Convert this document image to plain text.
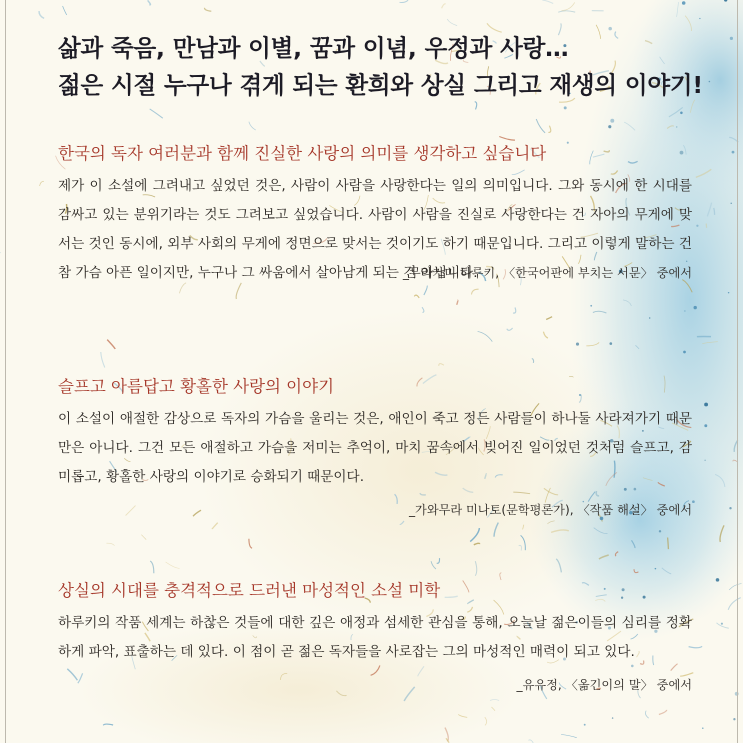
삶과 죽음, 만남과 이별, 꿈과 이념, 우정과 사랑…
젊은 시절 누구나 겪게 되는 환희와 상실 그리고 재생의 이야기!
한국의 독자 여러분과 함께 진실한 사랑의 의미를 생각하고 싶습니다

제가 이 소설에 그려내고 싶었던 것은, 사람이 사람을 사랑한다는 일의 의미입니다. 그와 동시에 한 시대를 감싸고 있는 분위기라는 것도 그려보고 싶었습니다. 사람이 사람을 진실로 사랑한다는 건 자아의 무게에 맞서는 것인 동시에, 외부 사회의 무게에 정면으로 맞서는 것이기도 하기 때문입니다. 그리고 이렇게 말하는 건 참 가슴 아픈 일이지만, 누구나 그 싸움에서 살아남게 되는 건 아닙니다.

_무라카미 하루키, 〈한국어판에 부치는 서문〉 중에서
슬프고 아름답고 황홀한 사랑의 이야기

이 소설이 애절한 감상으로 독자의 가슴을 울리는 것은, 애인이 죽고 정든 사람들이 하나둘 사라져가기 때문만은 아니다. 그건 모든 애절하고 가슴을 저미는 추억이, 마치 꿈속에서 빚어진 일이었던 것처럼 슬프고, 감미롭고, 황홀한 사랑의 이야기로 승화되기 때문이다.

_가와무라 미나토(문학평론가), 〈작품 해설〉 중에서
상실의 시대를 충격적으로 드러낸 마성적인 소설 미학

하루키의 작품 세계는 하찮은 것들에 대한 깊은 애정과 섬세한 관심을 통해, 오늘날 젊은이들의 심리를 정확하게 파악, 표출하는 데 있다. 이 점이 곧 젊은 독자들을 사로잡는 그의 마성적인 매력이 되고 있다.

_유유정, 〈옮긴이의 말〉 중에서
